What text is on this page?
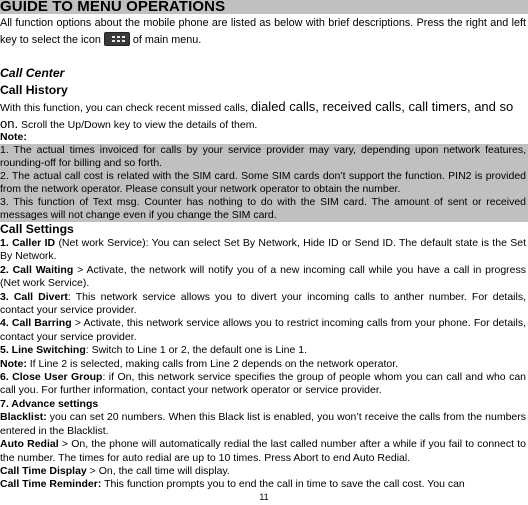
GUIDE TO MENU OPERATIONS

All function options about the mobile phone are listed as below with brief descriptions. Press the right and left key to select the icon	of main menu.

Call Center

Call History

With this function, you can check recent missed calls, dialed calls, received calls, call timers, and so on. Scroll the Up/Down key to view the details of them.

Note:

1. The actual times invoiced for calls by your service provider may vary, depending upon network features, rounding-off for billing and so forth.

2. The actual call cost is related with the SIM card. Some SIM cards don’t support the function. PIN2 is provided from the network operator. Please consult your network operator to obtain the number.

3. This function of Text msg. Counter has nothing to do with the SIM card. The amount of sent or received messages will not change even if you change the SIM card.

Call Settings

1. Caller ID (Net work Service): You can select Set By Network, Hide ID or Send ID. The default state is the Set By Network.

2. Call Waiting > Activate, the network will notify you of a new incoming call while you have a call in progress (Net work Service).

3. Call Divert: This network service allows you to divert your incoming calls to anther number. For details, contact your service provider.

4. Call Barring > Activate, this network service allows you to restrict incoming calls from your phone. For details, contact your service provider.

5. Line Switching: Switch to Line 1 or 2, the default one is Line 1.

Note: If Line 2 is selected, making calls from Line 2 depends on the network operator.

6. Close User Group: if On, this network service specifies the group of people whom you can call and who can call you. For further information, contact your network operator or service provider.

7. Advance settings

Blacklist: you can set 20 numbers. When this Black list is enabled, you won’t receive the calls from the numbers entered in the Blacklist.

Auto Redial > On, the phone will automatically redial the last called number after a while if you fail to connect to the number. The times for auto redial are up to 10 times. Press Abort to end Auto Redial.

Call Time Display > On, the call time will display.

Call Time Reminder: This function prompts you to end the call in time to save the call cost. You can

11
